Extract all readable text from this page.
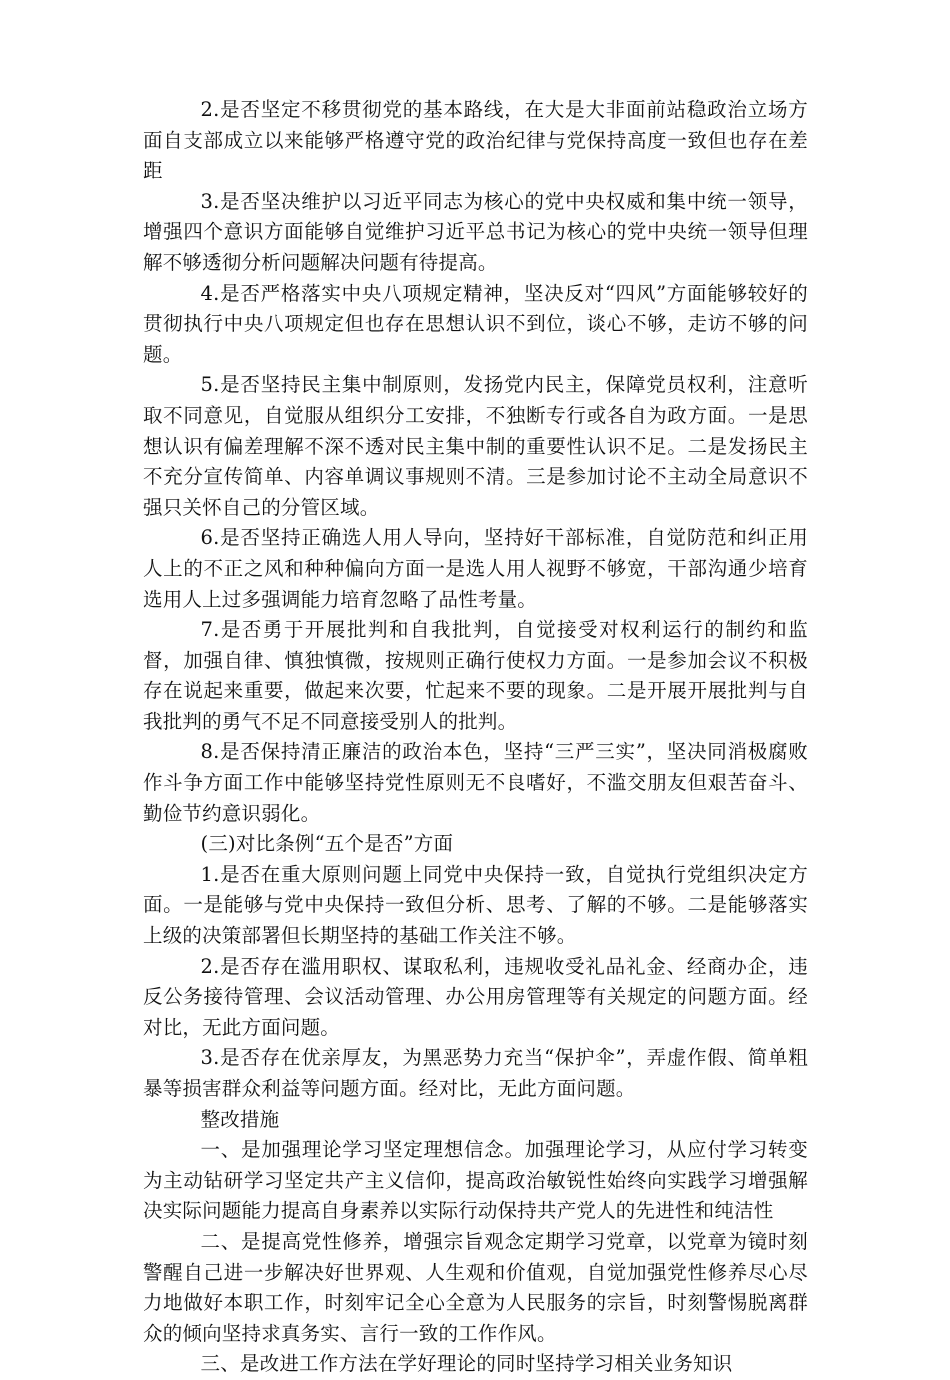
2.是否坚定不移贯彻党的基本路线，在大是大非面前站稳政治立场方面自支部成立以来能够严格遵守党的政治纪律与党保持高度一致但也存在差距

3.是否坚决维护以习近平同志为核心的党中央权威和集中统一领导，增强四个意识方面能够自觉维护习近平总书记为核心的党中央统一领导但理解不够透彻分析问题解决问题有待提高。

4.是否严格落实中央八项规定精神，坚决反对“四风”方面能够较好的贯彻执行中央八项规定但也存在思想认识不到位，谈心不够，走访不够的问题。

5.是否坚持民主集中制原则，发扬党内民主，保障党员权利，注意听取不同意见，自觉服从组织分工安排，不独断专行或各自为政方面。一是思想认识有偏差理解不深不透对民主集中制的重要性认识不足。二是发扬民主不充分宣传简单、内容单调议事规则不清。三是参加讨论不主动全局意识不强只关怀自己的分管区域。

6.是否坚持正确选人用人导向，坚持好干部标准，自觉防范和纠正用人上的不正之风和种种偏向方面一是选人用人视野不够宽，干部沟通少培育选用人上过多强调能力培育忽略了品性考量。

7.是否勇于开展批判和自我批判，自觉接受对权利运行的制约和监督，加强自律、慎独慎微，按规则正确行使权力方面。一是参加会议不积极存在说起来重要，做起来次要，忙起来不要的现象。二是开展开展批判与自我批判的勇气不足不同意接受别人的批判。

8.是否保持清正廉洁的政治本色，坚持“三严三实”，坚决同消极腐败作斗争方面工作中能够坚持党性原则无不良嗜好，不滥交朋友但艰苦奋斗、勤俭节约意识弱化。

(三)对比条例“五个是否”方面

1.是否在重大原则问题上同党中央保持一致，自觉执行党组织决定方面。一是能够与党中央保持一致但分析、思考、了解的不够。二是能够落实上级的决策部署但长期坚持的基础工作关注不够。

2.是否存在滥用职权、谋取私利，违规收受礼品礼金、经商办企，违反公务接待管理、会议活动管理、办公用房管理等有关规定的问题方面。经对比，无此方面问题。

3.是否存在优亲厚友，为黑恶势力充当“保护伞”，弄虚作假、简单粗暴等损害群众利益等问题方面。经对比，无此方面问题。

整改措施

一、是加强理论学习坚定理想信念。加强理论学习，从应付学习转变为主动钻研学习坚定共产主义信仰，提高政治敏锐性始终向实践学习增强解决实际问题能力提高自身素养以实际行动保持共产党人的先进性和纯洁性

二、是提高党性修养，增强宗旨观念定期学习党章，以党章为镜时刻警醒自己进一步解决好世界观、人生观和价值观，自觉加强党性修养尽心尽力地做好本职工作，时刻牢记全心全意为人民服务的宗旨，时刻警惕脱离群众的倾向坚持求真务实、言行一致的工作作风。

三、是改进工作方法在学好理论的同时坚持学习相关业务知识
